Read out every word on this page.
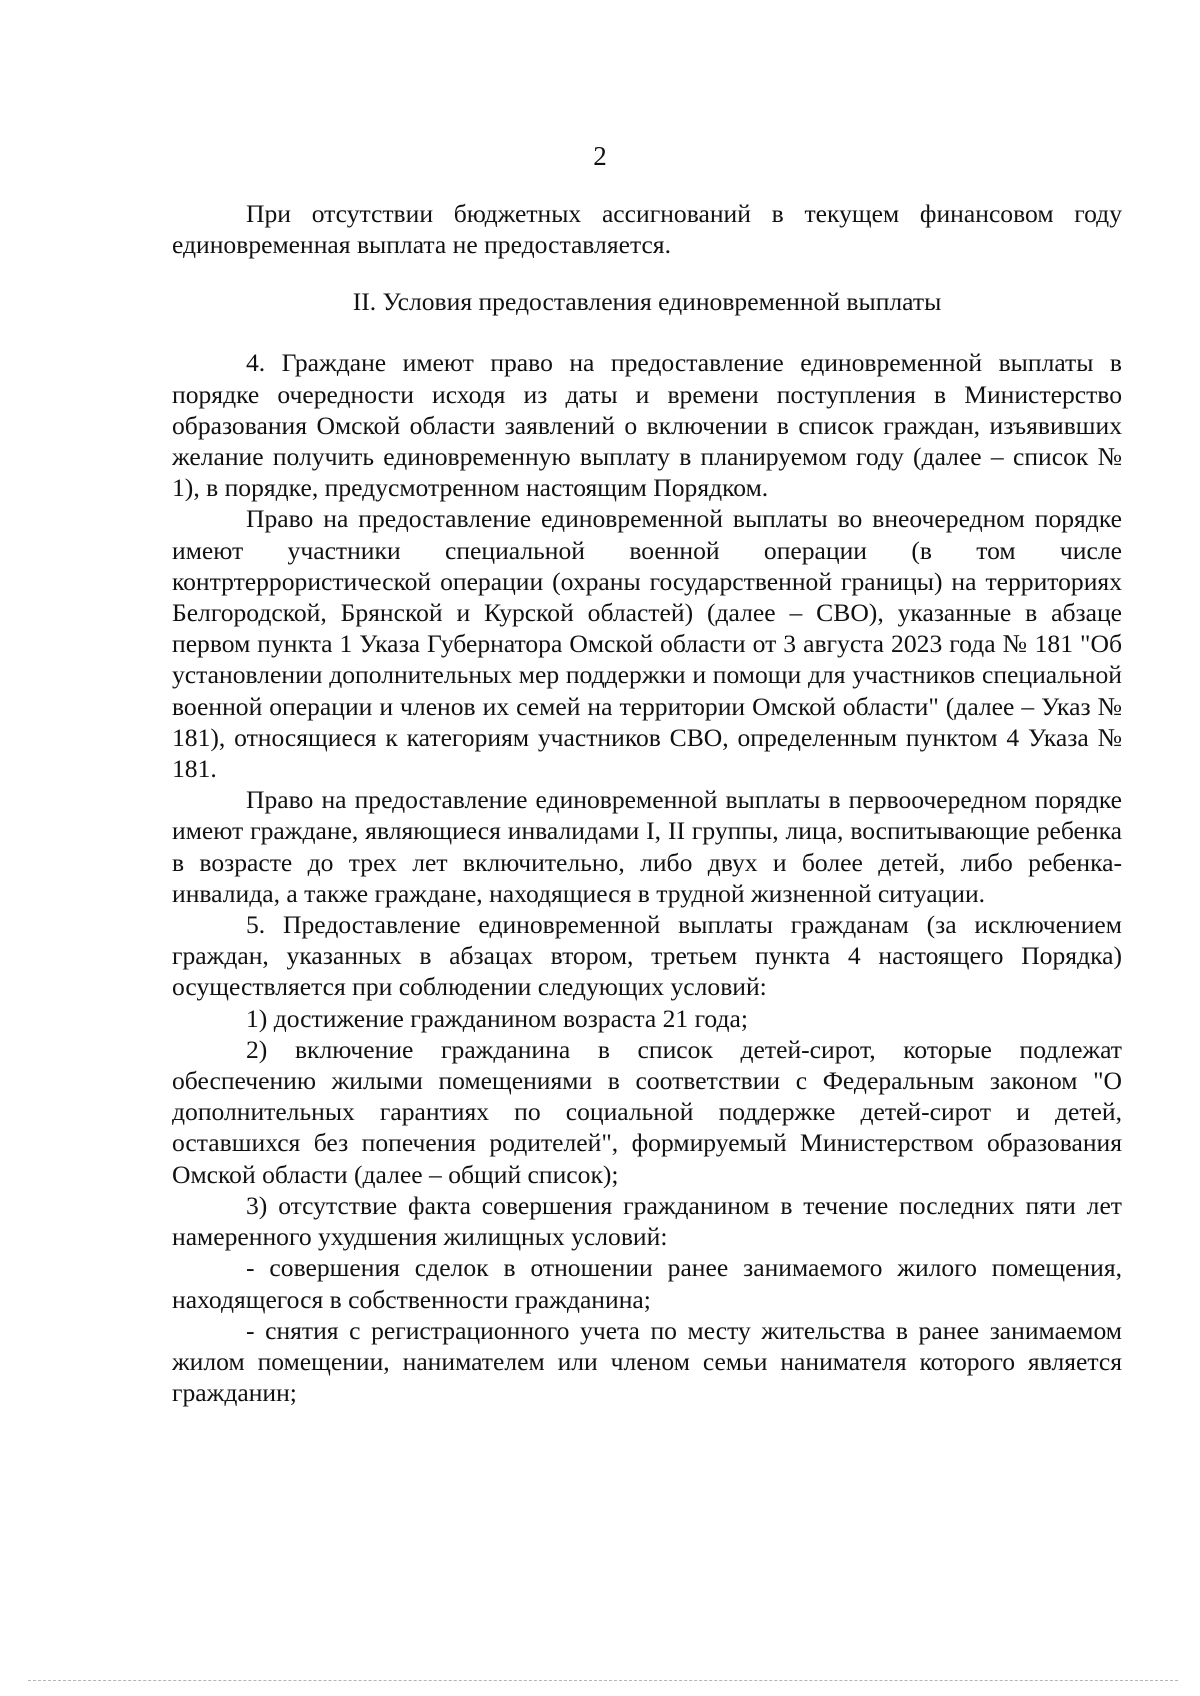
2

При отсутствии бюджетных ассигнований в текущем финансовом году единовременная выплата не предоставляется.

II. Условия предоставления единовременной выплаты

4. Граждане имеют право на предоставление единовременной выплаты в порядке очередности исходя из даты и времени поступления в Министерство образования Омской области заявлений о включении в список граждан, изъявивших желание получить единовременную выплату в планируемом году (далее – список № 1), в порядке, предусмотренном настоящим Порядком.

Право на предоставление единовременной выплаты во внеочередном порядке имеют участники специальной военной операции (в том числе контртеррористической операции (охраны государственной границы) на территориях Белгородской, Брянской и Курской областей) (далее – СВО), указанные в абзаце первом пункта 1 Указа Губернатора Омской области от 3 августа 2023 года № 181 "Об установлении дополнительных мер поддержки и помощи для участников специальной военной операции и членов их семей на территории Омской области" (далее – Указ № 181), относящиеся к категориям участников СВО, определенным пунктом 4 Указа № 181.

Право на предоставление единовременной выплаты в первоочередном порядке имеют граждане, являющиеся инвалидами I, II группы, лица, воспитывающие ребенка в возрасте до трех лет включительно, либо двух и более детей, либо ребенка-инвалида, а также граждане, находящиеся в трудной жизненной ситуации.

5. Предоставление единовременной выплаты гражданам (за исключением граждан, указанных в абзацах втором, третьем пункта 4 настоящего Порядка) осуществляется при соблюдении следующих условий:

1) достижение гражданином возраста 21 года;

2) включение гражданина в список детей-сирот, которые подлежат обеспечению жилыми помещениями в соответствии с Федеральным законом "О дополнительных гарантиях по социальной поддержке детей-сирот и детей, оставшихся без попечения родителей", формируемый Министерством образования Омской области (далее – общий список);

3) отсутствие факта совершения гражданином в течение последних пяти лет намеренного ухудшения жилищных условий:

- совершения сделок в отношении ранее занимаемого жилого помещения, находящегося в собственности гражданина;

- снятия с регистрационного учета по месту жительства в ранее занимаемом жилом помещении, нанимателем или членом семьи нанимателя которого является гражданин;
